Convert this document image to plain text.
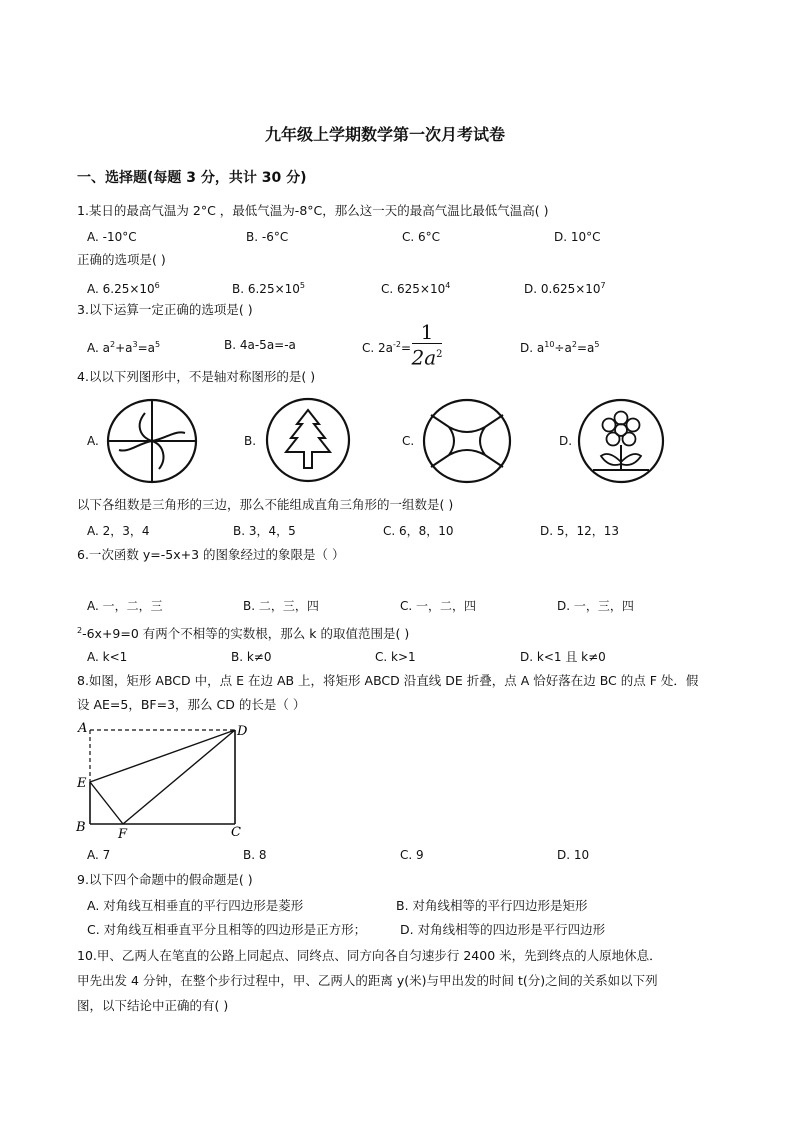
九年级上学期数学第一次月考试卷
一、选择题(每题 3 分，共计 30 分)
1.某日的最高气温为 2°C ，最低气温为-8°C，那么这一天的最高气温比最低气温高( )
A. -10°C	B. -6°C	C. 6°C	D. 10°C
正确的选项是( )
A. $6.25\times 10^6$	B. $6.25\times 10^5$	C. $625\times 10^4$	D. $0.625\times 10^7$
3.以下运算一定正确的选项是( )
A. $a^2+a^3=a^5$	B. 4a-5a=-a	C. $2a^{-2}=$
1
$2a^2$	D. $a^{10}\div a^2=a^5$
4.以以下列图形中，不是轴对称图形的是( )
A.	B.	C.	D.
以下各组数是三角形的三边，那么不能组成直角三角形的一组数是( )
A. 2，3，4	B. 3，4，5	C. 6，8，10	D. 5，12，13
6.一次函数 y=-5x+3 的图象经过的象限是（ ）
A. 一，二，三	B. 二，三，四	C. 一，二，四	D. 一，三，四
$^2$-6x+9=0 有两个不相等的实数根，那么 k 的取值范围是( )
A. k<1	B. k≠0	C. k>1	D. k<1 且 k≠0
8.如图，矩形 ABCD 中，点 E 在边 AB 上，将矩形 ABCD 沿直线 DE 折叠，点 A 恰好落在边 BC 的点 F 处．假
设 AE=5，BF=3，那么 CD 的长是（ ）
A	D
E
B F	C
A. 7	B. 8	C. 9	D. 10
9.以下四个命题中的假命题是( )
A. 对角线互相垂直的平行四边形是菱形	B. 对角线相等的平行四边形是矩形
C. 对角线互相垂直平分且相等的四边形是正方形；	D. 对角线相等的四边形是平行四边形
10.甲、乙两人在笔直的公路上同起点、同终点、同方向各自匀速步行 2400 米，先到终点的人原地休息．
甲先出发 4 分钟，在整个步行过程中，甲、乙两人的距离 y(米)与甲出发的时间 t(分)之间的关系如以下列
图，以下结论中正确的有( )
